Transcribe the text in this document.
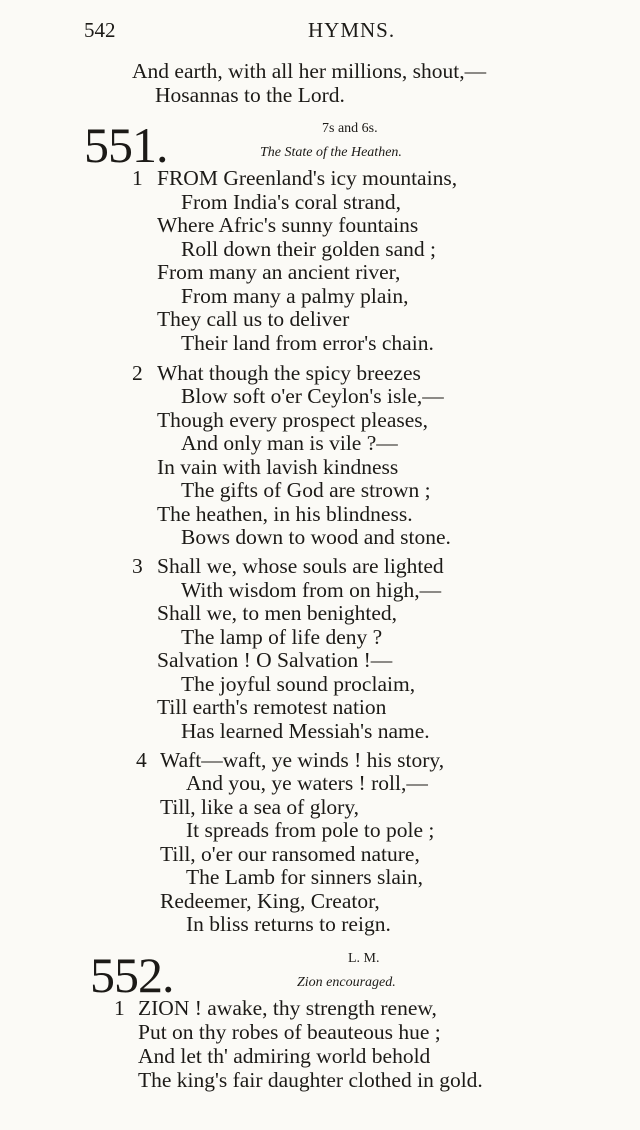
542	HYMNS.
And earth, with all her millions, shout,—
Hosannas to the Lord.
551.	7s and 6s.
The State of the Heathen.
1 FROM Greenland's icy mountains,
From India's coral strand,
Where Afric's sunny fountains
Roll down their golden sand ;
From many an ancient river,
From many a palmy plain,
They call us to deliver
Their land from error's chain.
2 What though the spicy breezes
Blow soft o'er Ceylon's isle,—
Though every prospect pleases,
And only man is vile ?—
In vain with lavish kindness
The gifts of God are strown ;
The heathen, in his blindness.
Bows down to wood and stone.
3 Shall we, whose souls are lighted
With wisdom from on high,—
Shall we, to men benighted,
The lamp of life deny ?
Salvation ! O Salvation !—
The joyful sound proclaim,
Till earth's remotest nation
Has learned Messiah's name.
4 Waft—waft, ye winds ! his story,
And you, ye waters ! roll,—
Till, like a sea of glory,
It spreads from pole to pole ;
Till, o'er our ransomed nature,
The Lamb for sinners slain,
Redeemer, King, Creator,
In bliss returns to reign.
552.	L. M.
Zion encouraged.
1 ZION ! awake, thy strength renew,
Put on thy robes of beauteous hue ;
And let th' admiring world behold
The king's fair daughter clothed in gold.
